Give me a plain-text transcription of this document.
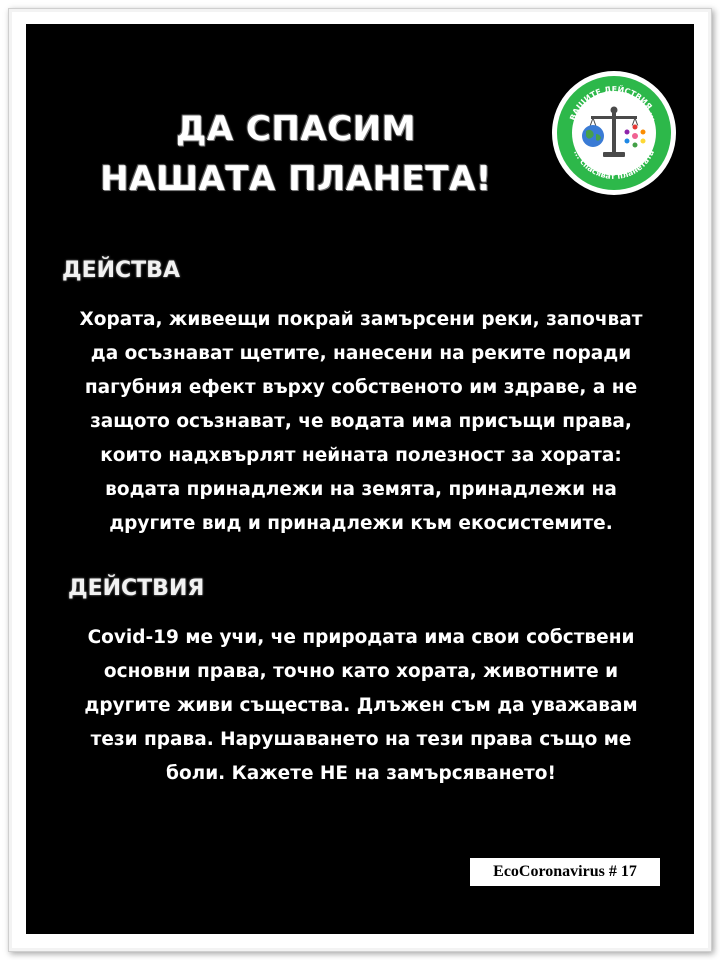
ДА СПАСИМ
НАШАТА ПЛАНЕТА!
ВАШИТЕ ДЕЙСТВИЯ ...
... спасяват планетата
ДЕЙСТВА
Хората, живеещи покрай замърсени реки, започват
да осъзнават щетите, нанесени на реките поради
пагубния ефект върху собственото им здраве, а не
защото осъзнават, че водата има присъщи права,
които надхвърлят нейната полезност за хората:
водата принадлежи на земята, принадлежи на
другите вид и принадлежи към екосистемите.
ДЕЙСТВИЯ
Covid-19 ме учи, че природата има свои собствени
основни права, точно като хората, животните и
другите живи същества. Длъжен съм да уважавам
тези права. Нарушаването на тези права също ме
боли. Кажете НЕ на замърсяването!
EcoCoronavirus # 17
